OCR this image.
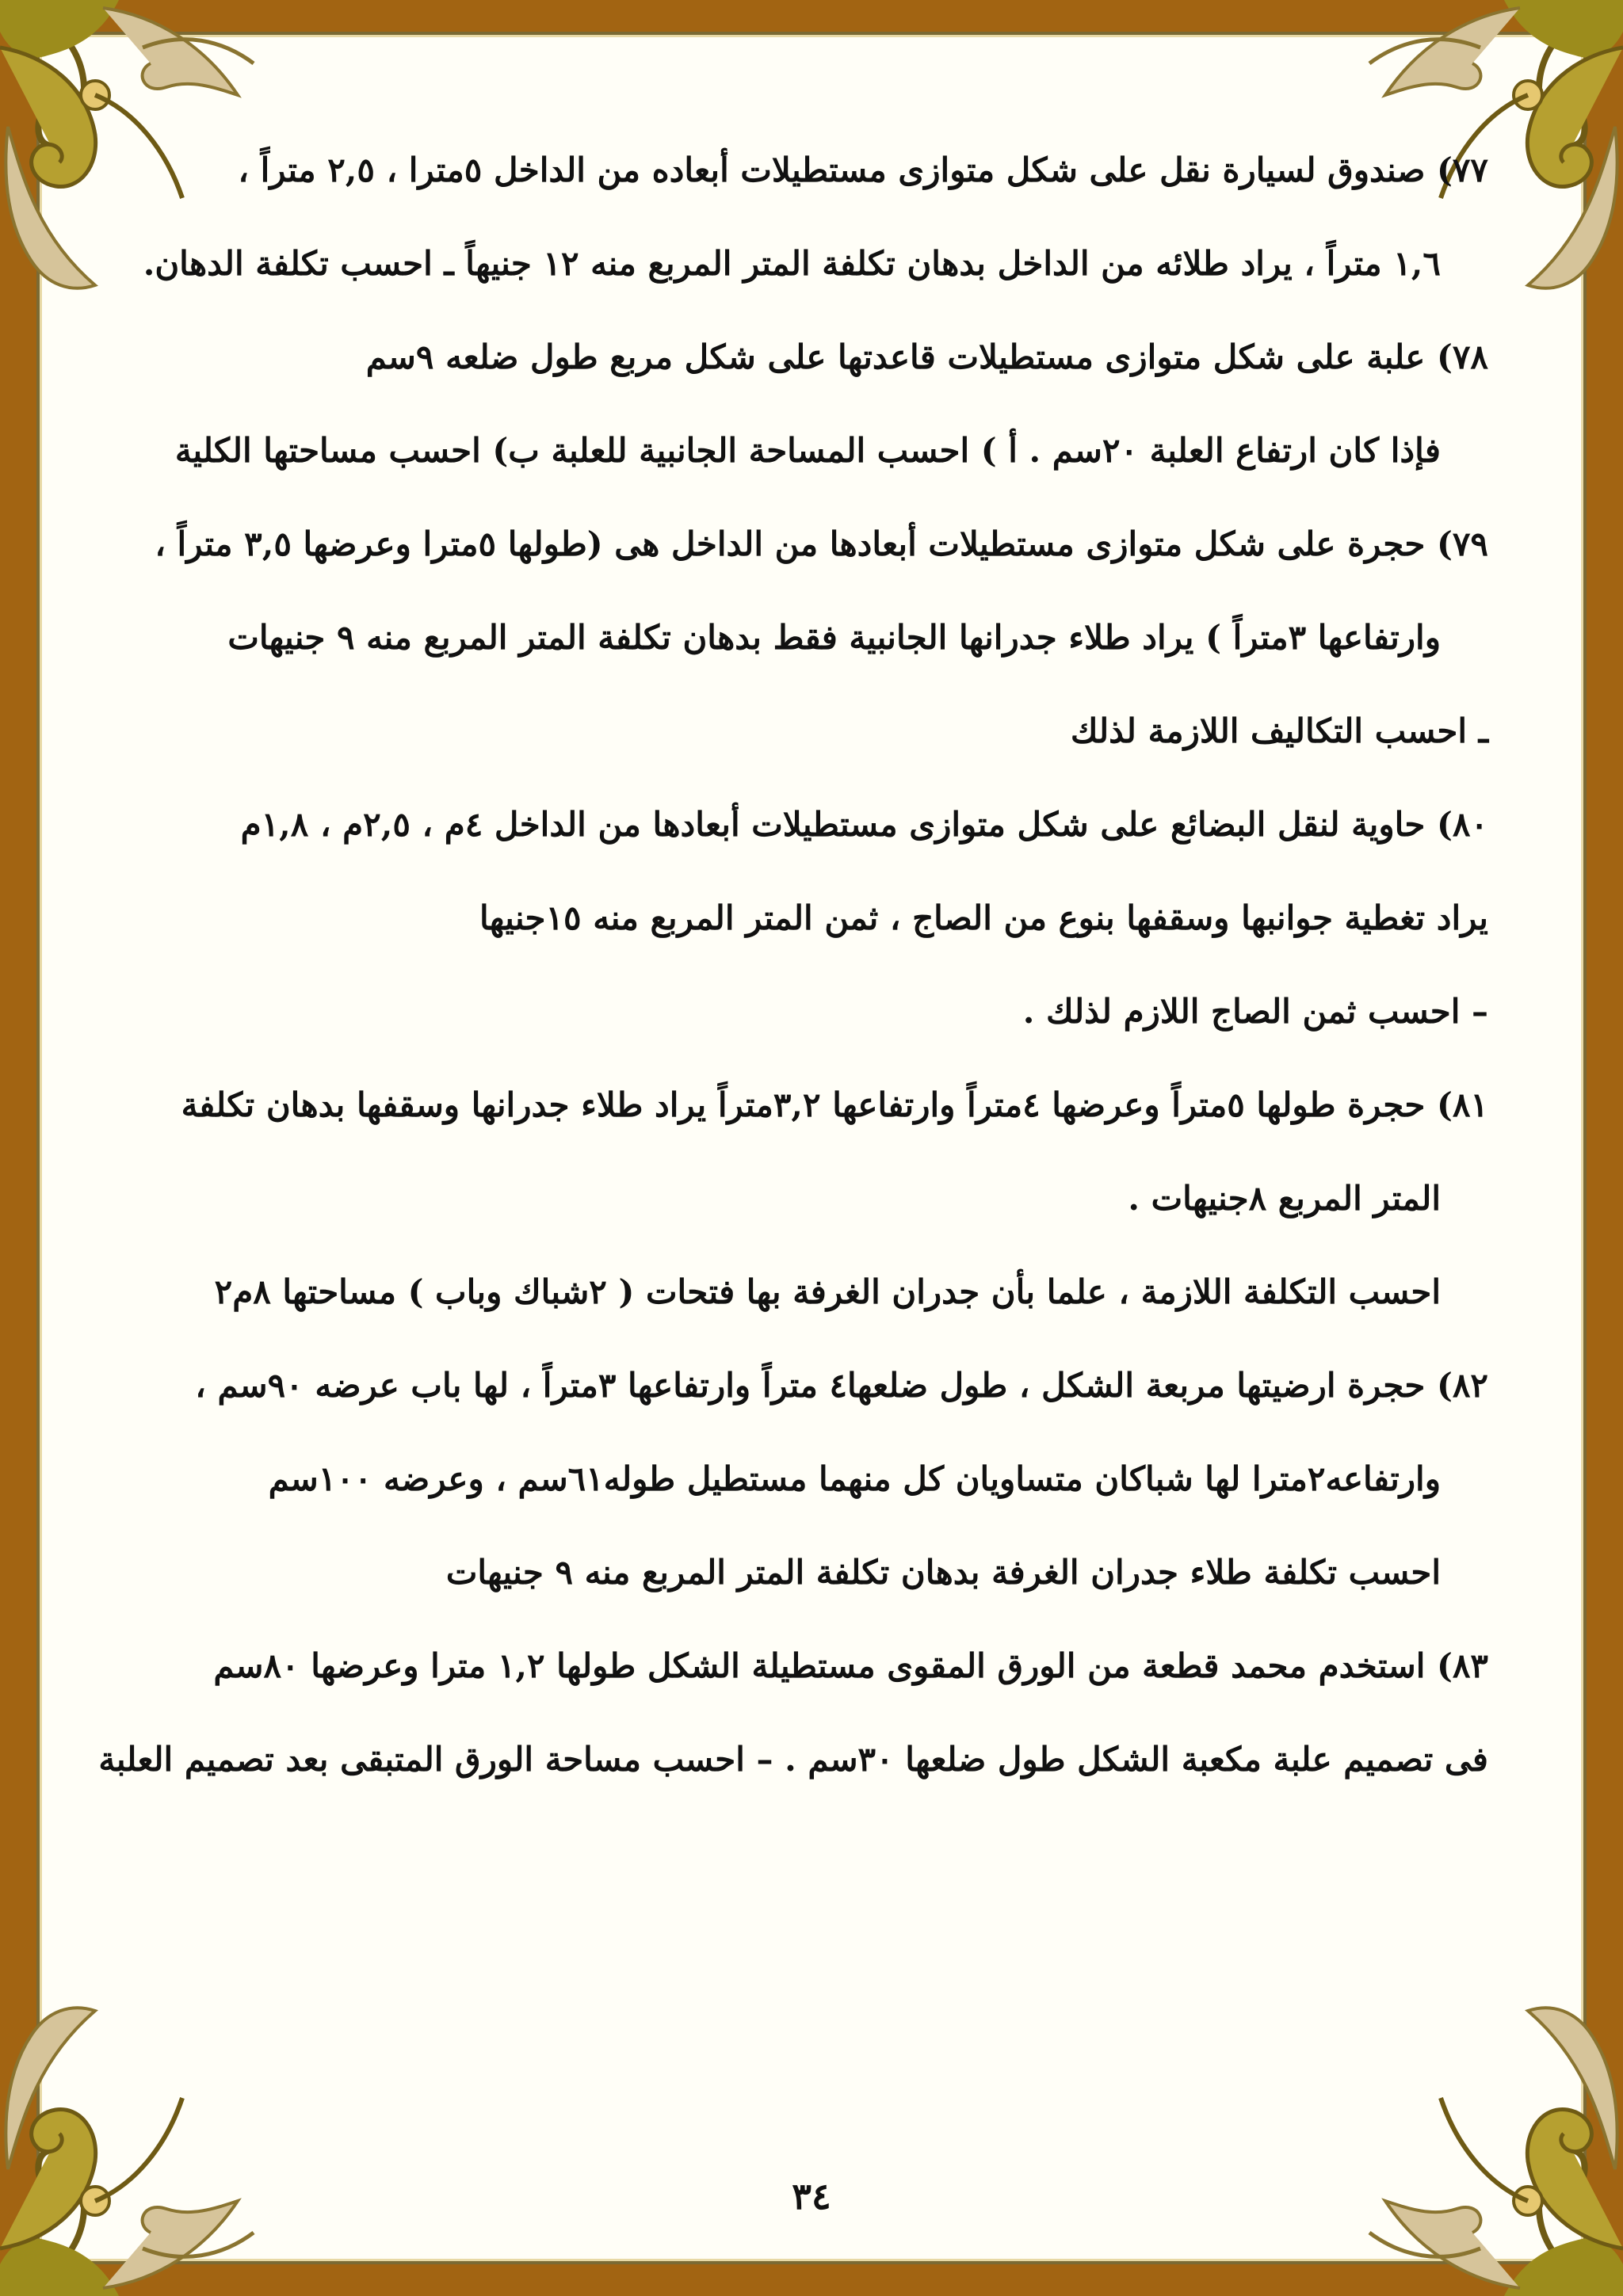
٧٧) صندوق لسيارة نقل على شكل متوازى مستطيلات أبعاده من الداخل ٥مترا ، ٢,٥ متراً ،
١,٦ متراً ، يراد طلائه من الداخل بدهان تكلفة المتر المربع منه ١٢ جنيهاً ـ احسب تكلفة الدهان.
٧٨) علبة على شكل متوازى مستطيلات قاعدتها على شكل مربع طول ضلعه ٩سم
فإذا كان ارتفاع العلبة ٢٠سم . أ ) احسب المساحة الجانبية للعلبة ب) احسب مساحتها الكلية
٧٩) حجرة على شكل متوازى مستطيلات أبعادها من الداخل هى (طولها ٥مترا وعرضها ٣,٥ متراً ،
وارتفاعها ٣متراً ) يراد طلاء جدرانها الجانبية فقط بدهان تكلفة المتر المربع منه ٩ جنيهات
ـ احسب التكاليف اللازمة لذلك
٨٠) حاوية لنقل البضائع على شكل متوازى مستطيلات أبعادها من الداخل ٤م ، ٢,٥م ، ١,٨م
يراد تغطية جوانبها وسقفها بنوع من الصاج ، ثمن المتر المربع منه ١٥جنيها
– احسب ثمن الصاج اللازم لذلك .
٨١) حجرة طولها ٥متراً وعرضها ٤متراً وارتفاعها ٣,٢متراً يراد طلاء جدرانها وسقفها بدهان تكلفة
المتر المربع ٨جنيهات .
احسب التكلفة اللازمة ، علما بأن جدران الغرفة بها فتحات ( ٢شباك وباب ) مساحتها ٨م٢
٨٢) حجرة ارضيتها مربعة الشكل ، طول ضلعها٤ متراً وارتفاعها ٣متراً ، لها باب عرضه ٩٠سم ،
وارتفاعه٢مترا لها شباكان متساويان كل منهما مستطيل طوله٦١سم ، وعرضه ١٠٠سم
احسب تكلفة طلاء جدران الغرفة بدهان تكلفة المتر المربع منه ٩ جنيهات
٨٣) استخدم محمد قطعة من الورق المقوى مستطيلة الشكل طولها ١,٢ مترا وعرضها ٨٠سم
فى تصميم علبة مكعبة الشكل طول ضلعها ٣٠سم . – احسب مساحة الورق المتبقى بعد تصميم العلبة
٣٤
